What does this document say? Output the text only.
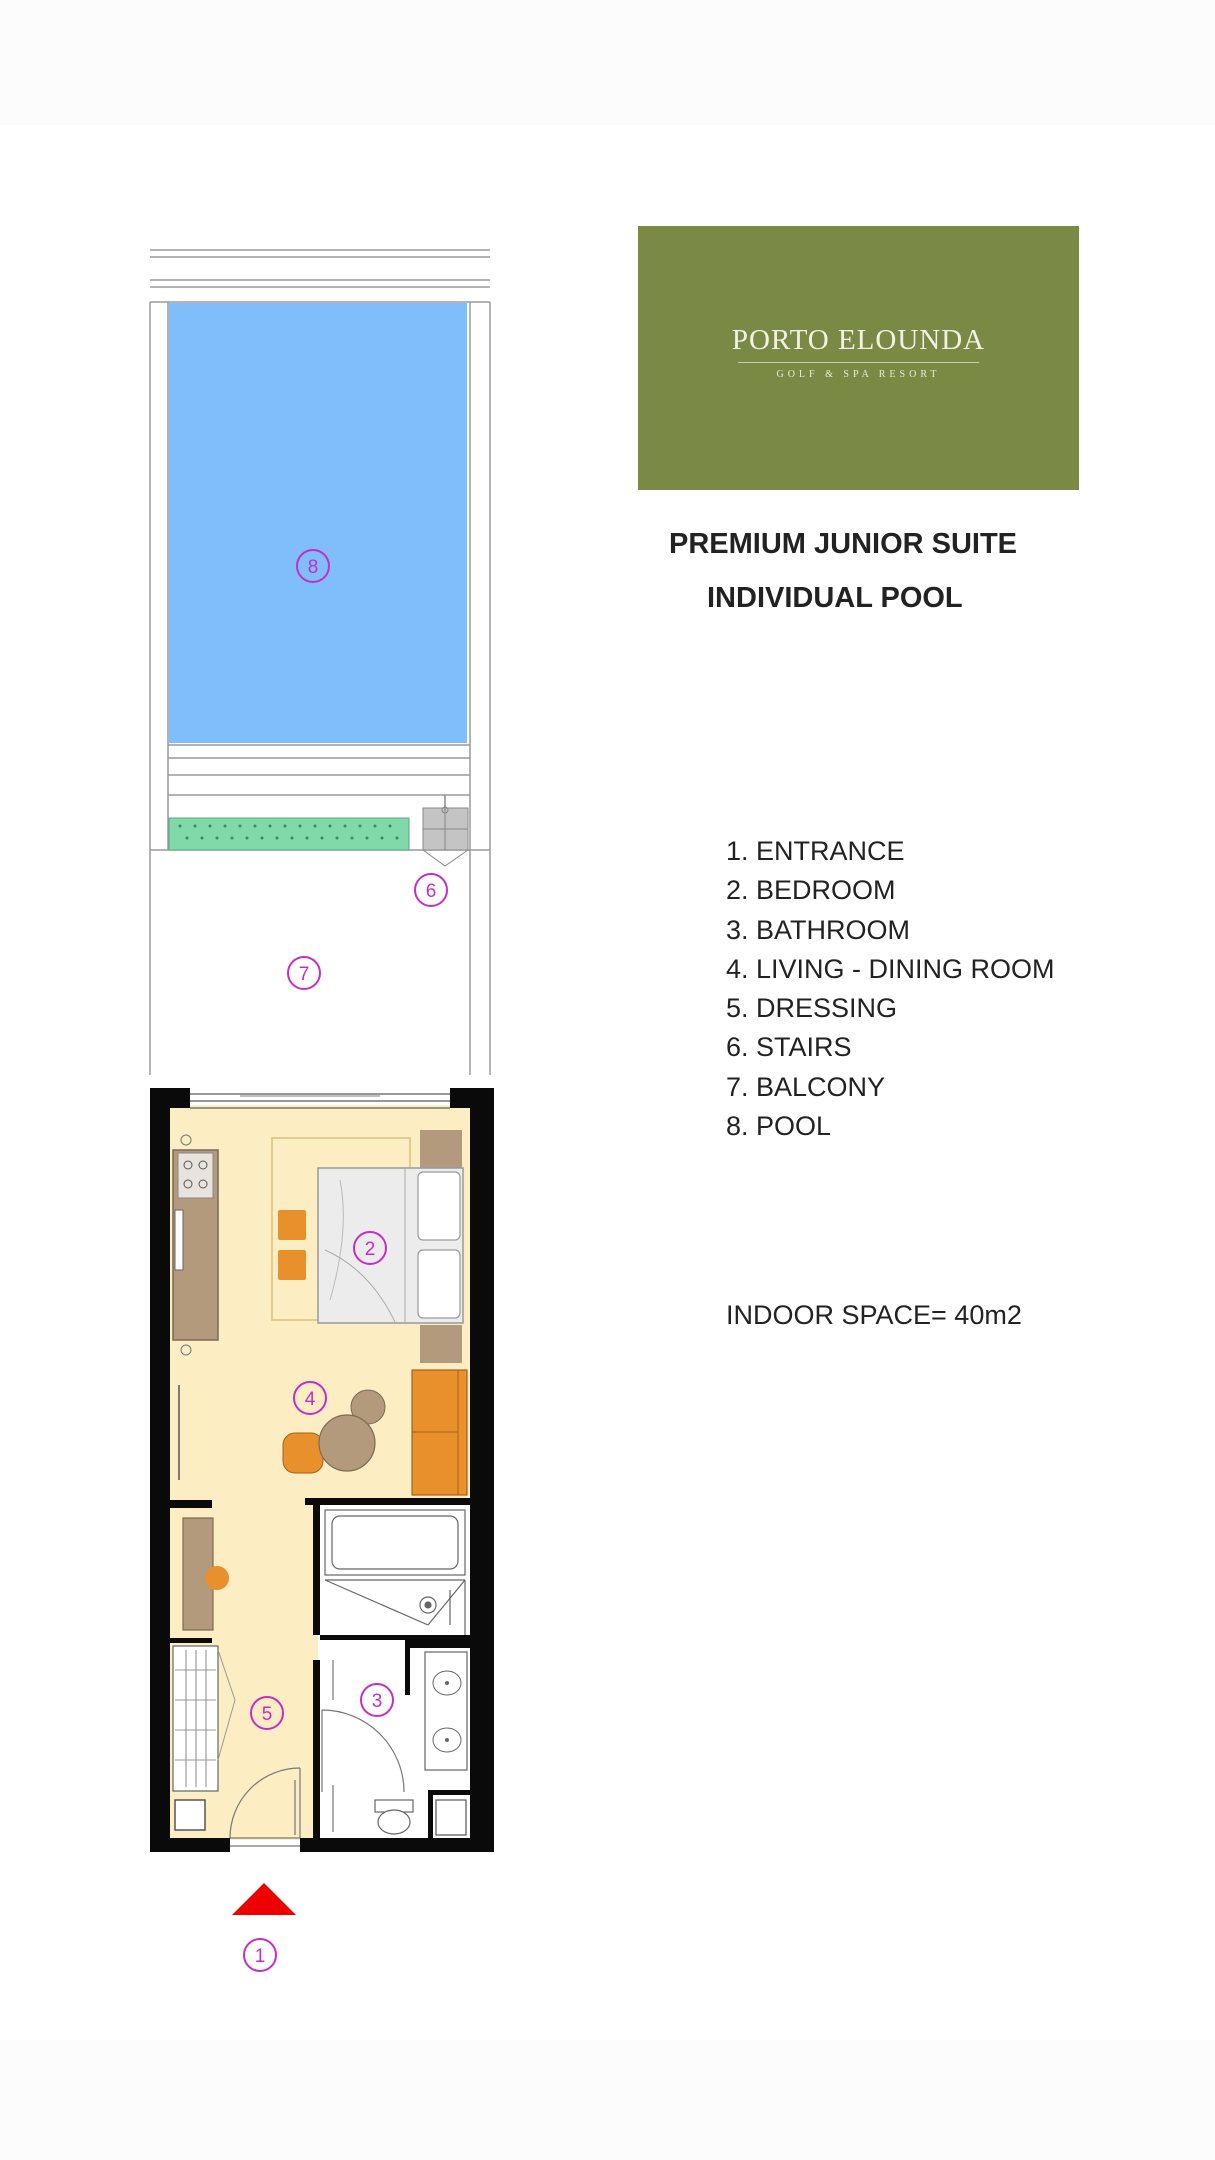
1
2
3
4
5
6
7
8
PORTO ELOUNDA
GOLF & SPA RESORT
PREMIUM JUNIOR SUITE
INDIVIDUAL POOL
1. ENTRANCE
2. BEDROOM
3. BATHROOM
4. LIVING - DINING ROOM
5. DRESSING
6. STAIRS
7. BALCONY
8. POOL
INDOOR SPACE= 40m2
